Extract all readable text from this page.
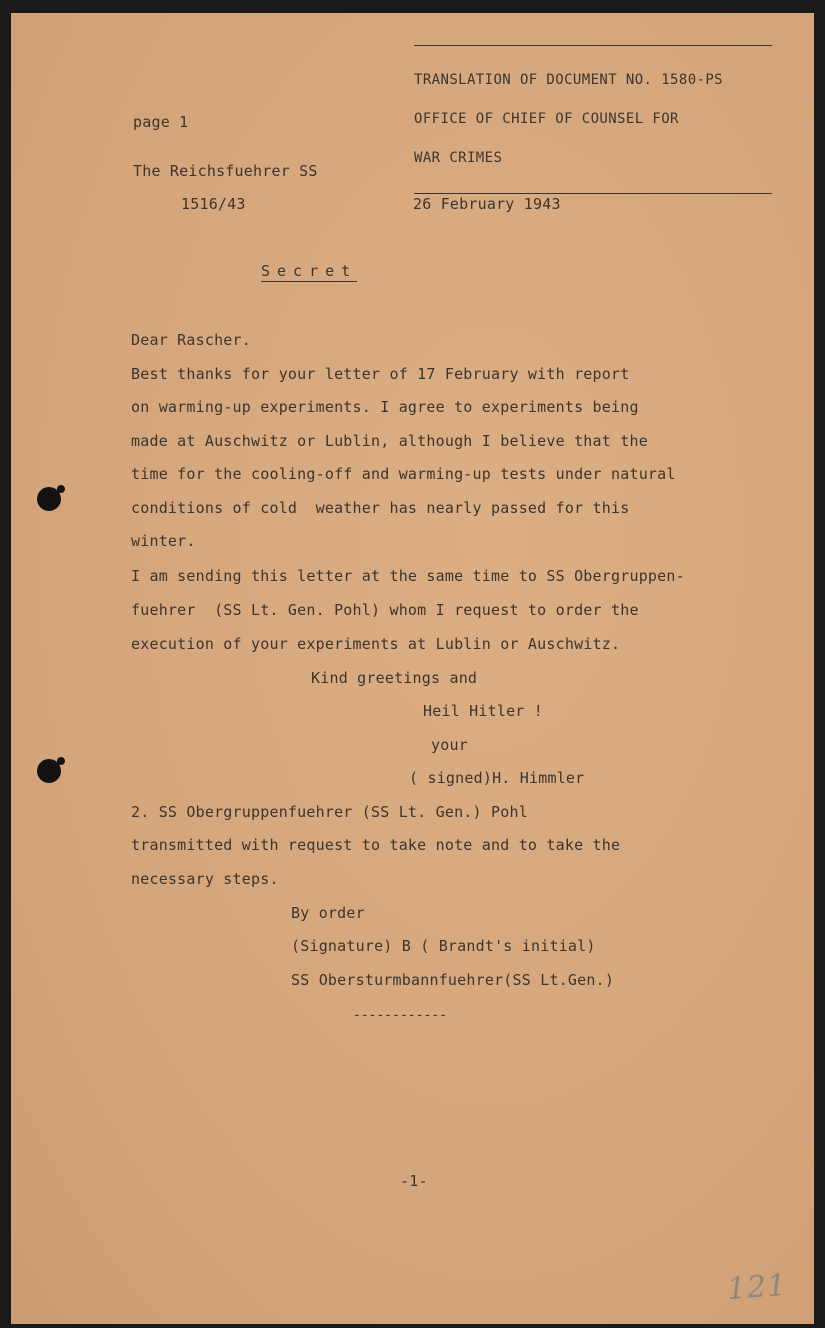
TRANSLATION OF DOCUMENT NO. 1580-PS

OFFICE OF CHIEF OF COUNSEL FOR

WAR CRIMES

page 1
The Reichsfuehrer SS
1516/43	26 February 1943
Secret
Dear Rascher.
Best thanks for your letter of 17 February with report
on warming-up experiments. I agree to experiments being
made at Auschwitz or Lublin, although I believe that the
time for the cooling-off and warming-up tests under natural
conditions of cold  weather has nearly passed for this
winter.
I am sending this letter at the same time to SS Obergruppen-
fuehrer  (SS Lt. Gen. Pohl) whom I request to order the
execution of your experiments at Lublin or Auschwitz.
Kind greetings and
Heil Hitler !
your
( signed)H. Himmler
2. SS Obergruppenfuehrer (SS Lt. Gen.) Pohl
transmitted with request to take note and to take the
necessary steps.
By order
(Signature) B ( Brandt's initial)
SS Obersturmbannfuehrer(SS Lt.Gen.)
------------
-1-
121
